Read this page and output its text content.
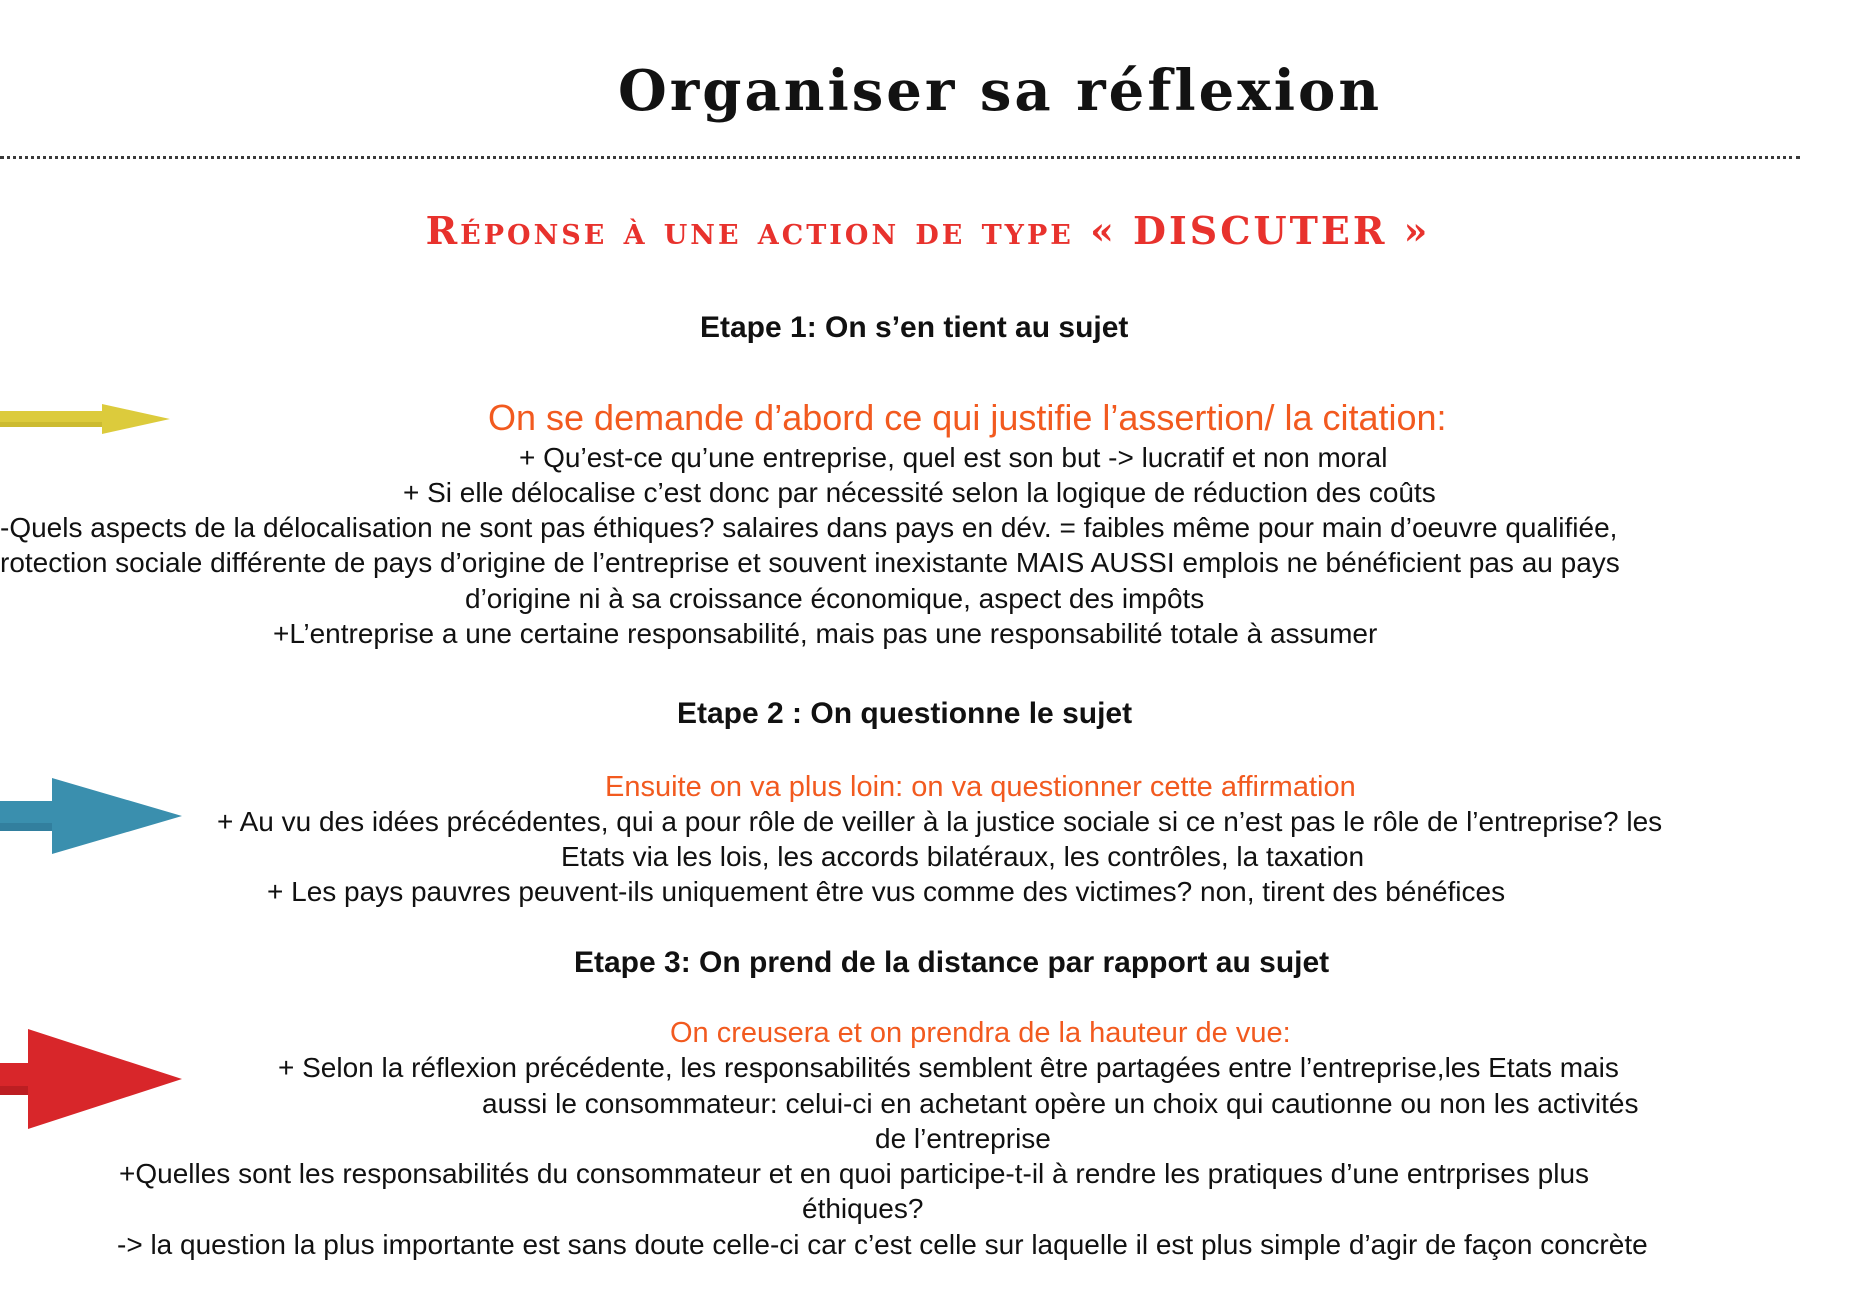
Organiser sa réflexion
Réponse à une action de type « DISCUTER »
Etape 1: On s’en tient au sujet
On se demande d’abord ce qui justifie l’assertion/ la citation:
+ Qu’est-ce qu’une entreprise, quel est son but -> lucratif et non moral
+ Si elle délocalise c’est donc par nécessité selon la logique de réduction des coûts
-Quels aspects de la délocalisation ne sont pas éthiques? salaires dans pays en dév. = faibles même pour main d’oeuvre qualifiée,
rotection sociale différente de pays d’origine de l’entreprise et souvent inexistante MAIS AUSSI emplois ne bénéficient pas au pays
d’origine ni à sa croissance économique, aspect des impôts
+L’entreprise a une certaine responsabilité, mais pas une responsabilité totale à assumer
Etape 2 : On questionne le sujet
Ensuite on va plus loin: on va questionner cette affirmation
+ Au vu des idées précédentes, qui a pour rôle de veiller à la justice sociale si ce n’est pas le rôle de l’entreprise? les
Etats via les lois, les accords bilatéraux, les contrôles, la taxation
+ Les pays pauvres peuvent-ils uniquement être vus comme des victimes? non, tirent des bénéfices
Etape 3: On prend de la distance par rapport au sujet
On creusera et on prendra de la hauteur de vue:
+ Selon la réflexion précédente, les responsabilités semblent être partagées entre l’entreprise,les Etats mais
aussi le consommateur: celui-ci en achetant opère un choix qui cautionne ou non les activités
de l’entreprise
+Quelles sont les responsabilités du consommateur et en quoi participe-t-il à rendre les pratiques d’une entrprises plus
éthiques?
-> la question la plus importante est sans doute celle-ci car c’est celle sur laquelle il est plus simple d’agir de façon concrète
